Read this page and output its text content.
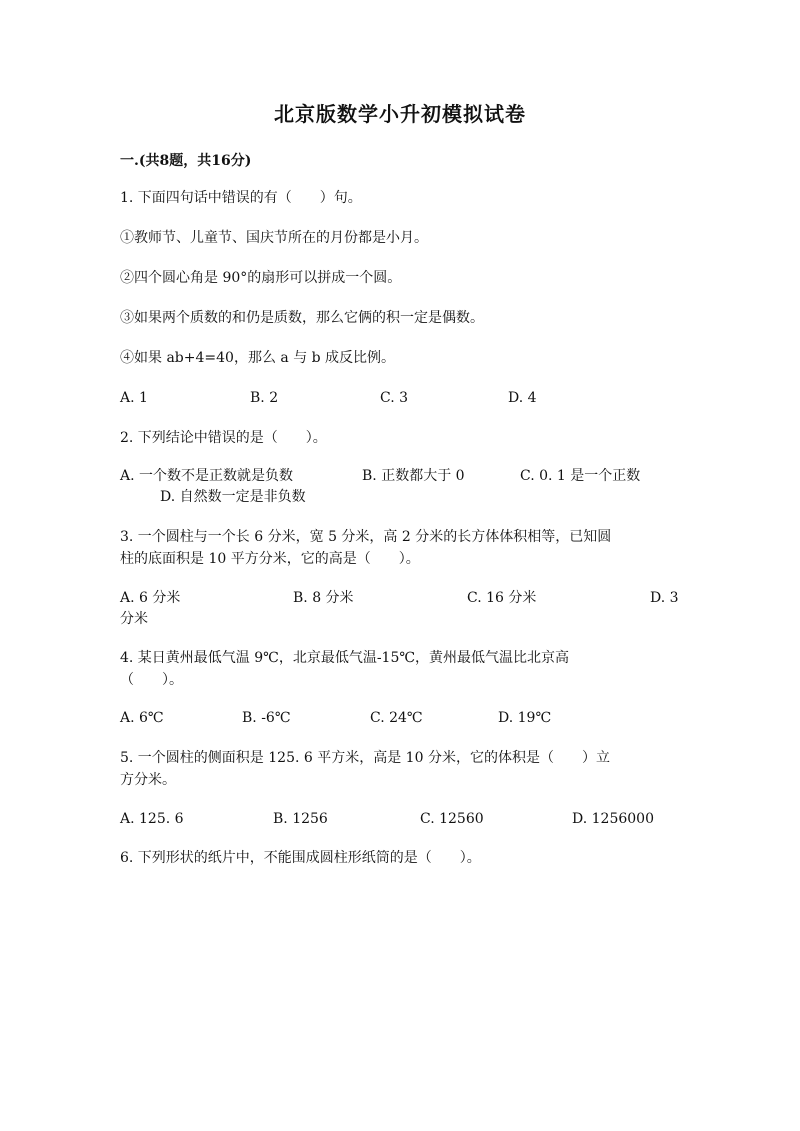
北京版数学小升初模拟试卷
一.(共8题，共16分)
1. 下面四句话中错误的有（　　）句。
①教师节、儿童节、国庆节所在的月份都是小月。
②四个圆心角是 90°的扇形可以拼成一个圆。
③如果两个质数的和仍是质数，那么它俩的积一定是偶数。
④如果 ab+4=40，那么 a 与 b 成反比例。
A. 1	B. 2	C. 3	D. 4
2. 下列结论中错误的是（　　）。
A. 一个数不是正数就是负数	B. 正数都大于 0	C. 0. 1 是一个正数
D. 自然数一定是非负数
3. 一个圆柱与一个长 6 分米，宽 5 分米，高 2 分米的长方体体积相等，已知圆
柱的底面积是 10 平方分米，它的高是（　　）。
A. 6 分米	B. 8 分米	C. 16 分米	D. 3
分米
4. 某日黄州最低气温 9℃，北京最低气温-15℃，黄州最低气温比北京高
（　　）。
A. 6℃	B. -6℃	C. 24℃	D. 19℃
5. 一个圆柱的侧面积是 125. 6 平方米，高是 10 分米，它的体积是（　　）立
方分米。
A. 125. 6	B. 1256	C. 12560	D. 1256000
6. 下列形状的纸片中，不能围成圆柱形纸筒的是（　　）。
